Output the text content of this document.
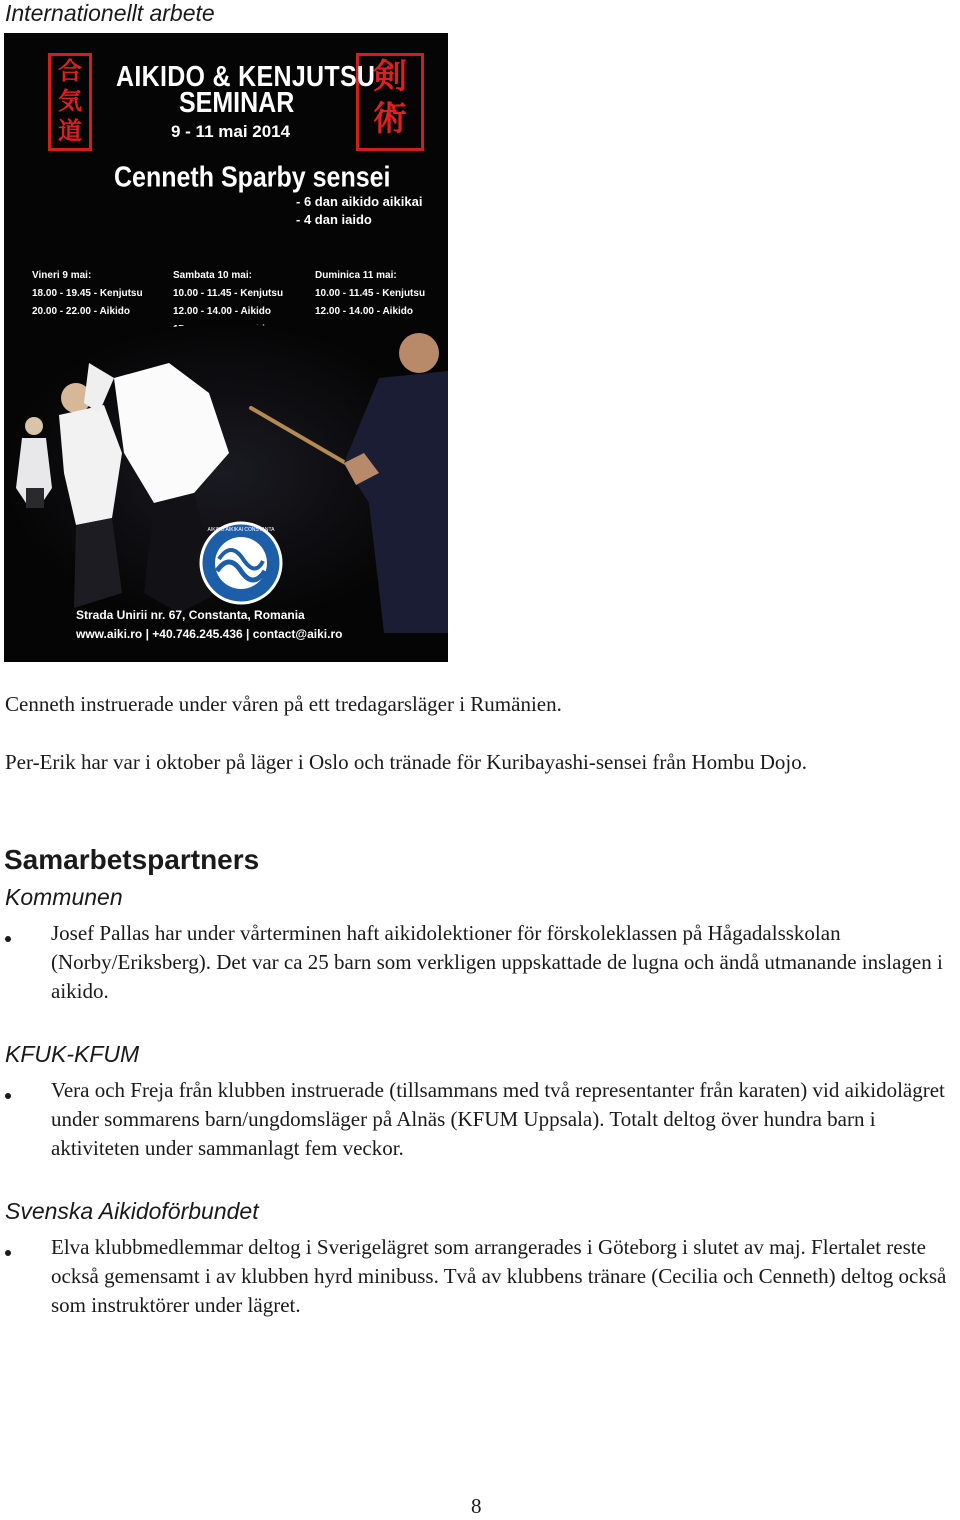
Internationellt arbete
合
気
道
剣
術
AIKIDO & KENJUTSU
SEMINAR
9 - 11 mai 2014
Cenneth Sparby sensei
- 6 dan aikido aikikai
- 4 dan iaido
Vineri 9 mai:
18.00 - 19.45 - Kenjutsu
20.00 - 22.00 - Aikido
Sambata 10 mai:
10.00 - 11.45 - Kenjutsu
12.00 - 14.00 - Aikido
Duminica 11 mai:
10.00 - 11.45 - Kenjutsu
12.00 - 14.00 - Aikido
AIKIDO AIKIKAI CONSTANTA
Strada Unirii nr. 67, Constanta, Romania
www.aiki.ro | +40.746.245.436 | contact@aiki.ro
Cenneth instruerade under våren på ett tredagarsläger i Rumänien.
Per-Erik har var i oktober på läger i Oslo och tränade för Kuribayashi-sensei från Hombu Dojo.
Samarbetspartners
Kommunen
Josef Pallas har under vårterminen haft aikidolektioner för förskoleklassen på Hågadalsskolan (Norby/Eriksberg). Det var ca 25 barn som verkligen uppskattade de lugna och ändå utmanande inslagen i aikido.
KFUK-KFUM
Vera och Freja från klubben instruerade (tillsammans med två representanter från karaten) vid aikidolägret under sommarens barn/ungdomsläger på Alnäs (KFUM Uppsala). Totalt deltog över hundra barn i aktiviteten under sammanlagt fem veckor.
Svenska Aikidoförbundet
Elva klubbmedlemmar deltog i Sverigelägret som arrangerades i Göteborg i slutet av maj. Flertalet reste också gemensamt i av klubben hyrd minibuss. Två av klubbens tränare (Cecilia och Cenneth) deltog också som instruktörer under lägret.
8
